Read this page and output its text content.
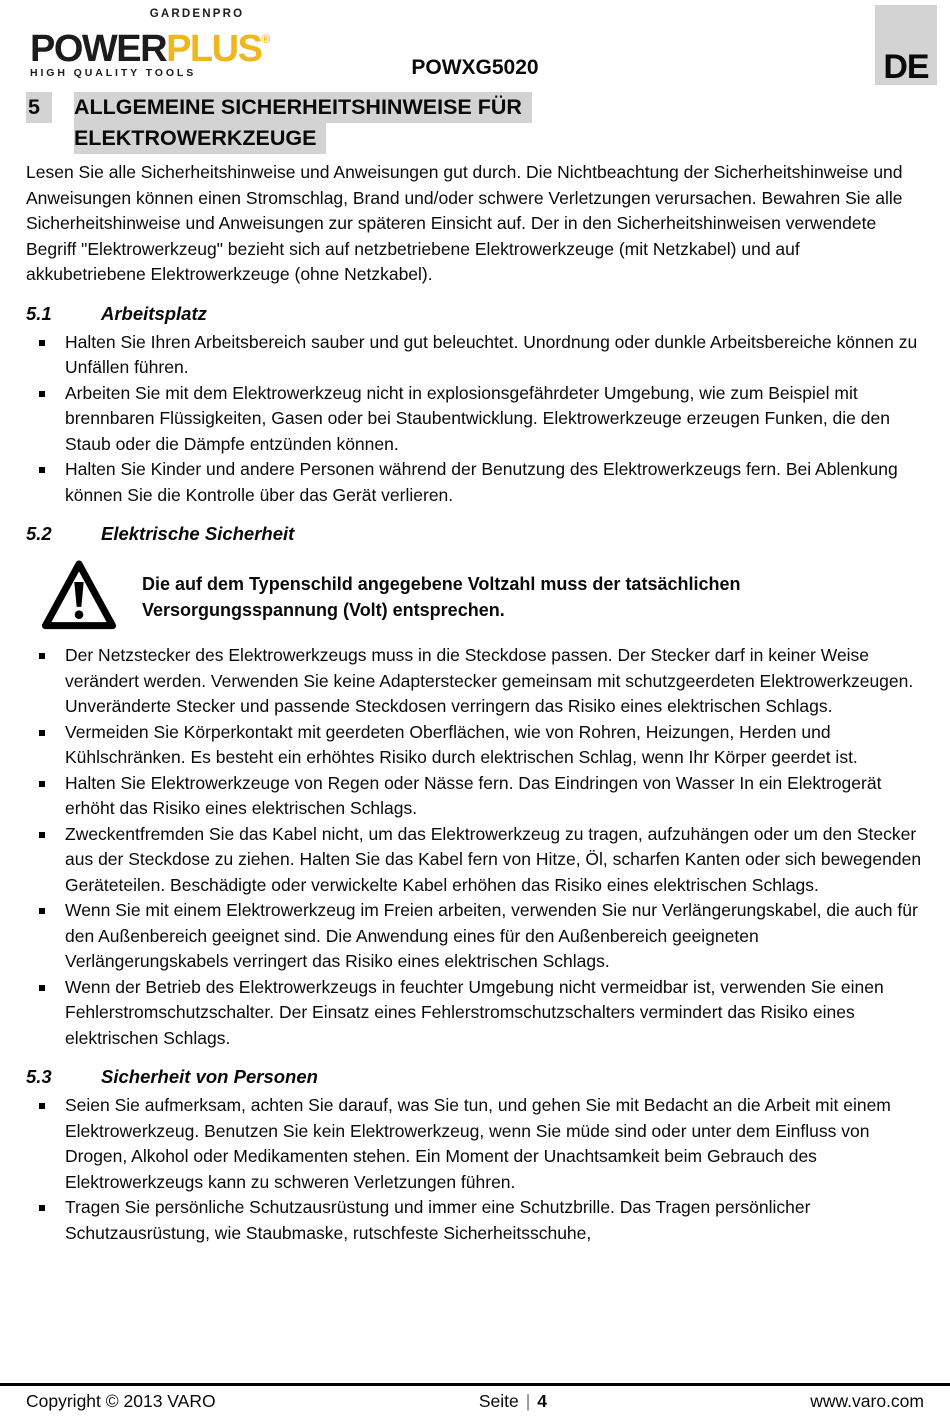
GARDENPRO
POWERPLUS®
HIGH QUALITY TOOLS	POWXG5020	DE
5	ALLGEMEINE SICHERHEITSHINWEISE FÜR
ELEKTROWERKZEUGE

Lesen Sie alle Sicherheitshinweise und Anweisungen gut durch. Die Nichtbeachtung der Sicherheitshinweise und Anweisungen können einen Stromschlag, Brand und/oder schwere Verletzungen verursachen. Bewahren Sie alle Sicherheitshinweise und Anweisungen zur späteren Einsicht auf. Der in den Sicherheitshinweisen verwendete Begriff "Elektrowerkzeug" bezieht sich auf netzbetriebene Elektrowerkzeuge (mit Netzkabel) und auf akkubetriebene Elektrowerkzeuge (ohne Netzkabel).

5.1	Arbeitsplatz
Halten Sie Ihren Arbeitsbereich sauber und gut beleuchtet. Unordnung oder dunkle Arbeitsbereiche können zu Unfällen führen.
Arbeiten Sie mit dem Elektrowerkzeug nicht in explosionsgefährdeter Umgebung, wie zum Beispiel mit brennbaren Flüssigkeiten, Gasen oder bei Staubentwicklung. Elektrowerkzeuge erzeugen Funken, die den Staub oder die Dämpfe entzünden können.
Halten Sie Kinder und andere Personen während der Benutzung des Elektrowerkzeugs fern. Bei Ablenkung können Sie die Kontrolle über das Gerät verlieren.
5.2	Elektrische Sicherheit
Die auf dem Typenschild angegebene Voltzahl muss der tatsächlichen Versorgungsspannung (Volt) entsprechen.
Der Netzstecker des Elektrowerkzeugs muss in die Steckdose passen. Der Stecker darf in keiner Weise verändert werden. Verwenden Sie keine Adapterstecker gemeinsam mit schutzgeerdeten Elektrowerkzeugen. Unveränderte Stecker und passende Steckdosen verringern das Risiko eines elektrischen Schlags.
Vermeiden Sie Körperkontakt mit geerdeten Oberflächen, wie von Rohren, Heizungen, Herden und Kühlschränken. Es besteht ein erhöhtes Risiko durch elektrischen Schlag, wenn Ihr Körper geerdet ist.
Halten Sie Elektrowerkzeuge von Regen oder Nässe fern. Das Eindringen von Wasser In ein Elektrogerät erhöht das Risiko eines elektrischen Schlags.
Zweckentfremden Sie das Kabel nicht, um das Elektrowerkzeug zu tragen, aufzuhängen oder um den Stecker aus der Steckdose zu ziehen. Halten Sie das Kabel fern von Hitze, Öl, scharfen Kanten oder sich bewegenden Geräteteilen. Beschädigte oder verwickelte Kabel erhöhen das Risiko eines elektrischen Schlags.
Wenn Sie mit einem Elektrowerkzeug im Freien arbeiten, verwenden Sie nur Verlängerungskabel, die auch für den Außenbereich geeignet sind. Die Anwendung eines für den Außenbereich geeigneten Verlängerungskabels verringert das Risiko eines elektrischen Schlags.
Wenn der Betrieb des Elektrowerkzeugs in feuchter Umgebung nicht vermeidbar ist, verwenden Sie einen Fehlerstromschutzschalter. Der Einsatz eines Fehlerstromschutzschalters vermindert das Risiko eines elektrischen Schlags.
5.3	Sicherheit von Personen
Seien Sie aufmerksam, achten Sie darauf, was Sie tun, und gehen Sie mit Bedacht an die Arbeit mit einem Elektrowerkzeug. Benutzen Sie kein Elektrowerkzeug, wenn Sie müde sind oder unter dem Einfluss von Drogen, Alkohol oder Medikamenten stehen. Ein Moment der Unachtsamkeit beim Gebrauch des Elektrowerkzeugs kann zu schweren Verletzungen führen.
Tragen Sie persönliche Schutzausrüstung und immer eine Schutzbrille. Das Tragen persönlicher Schutzausrüstung, wie Staubmaske, rutschfeste Sicherheitsschuhe,
Copyright © 2013 VARO	Seite | 4	www.varo.com
